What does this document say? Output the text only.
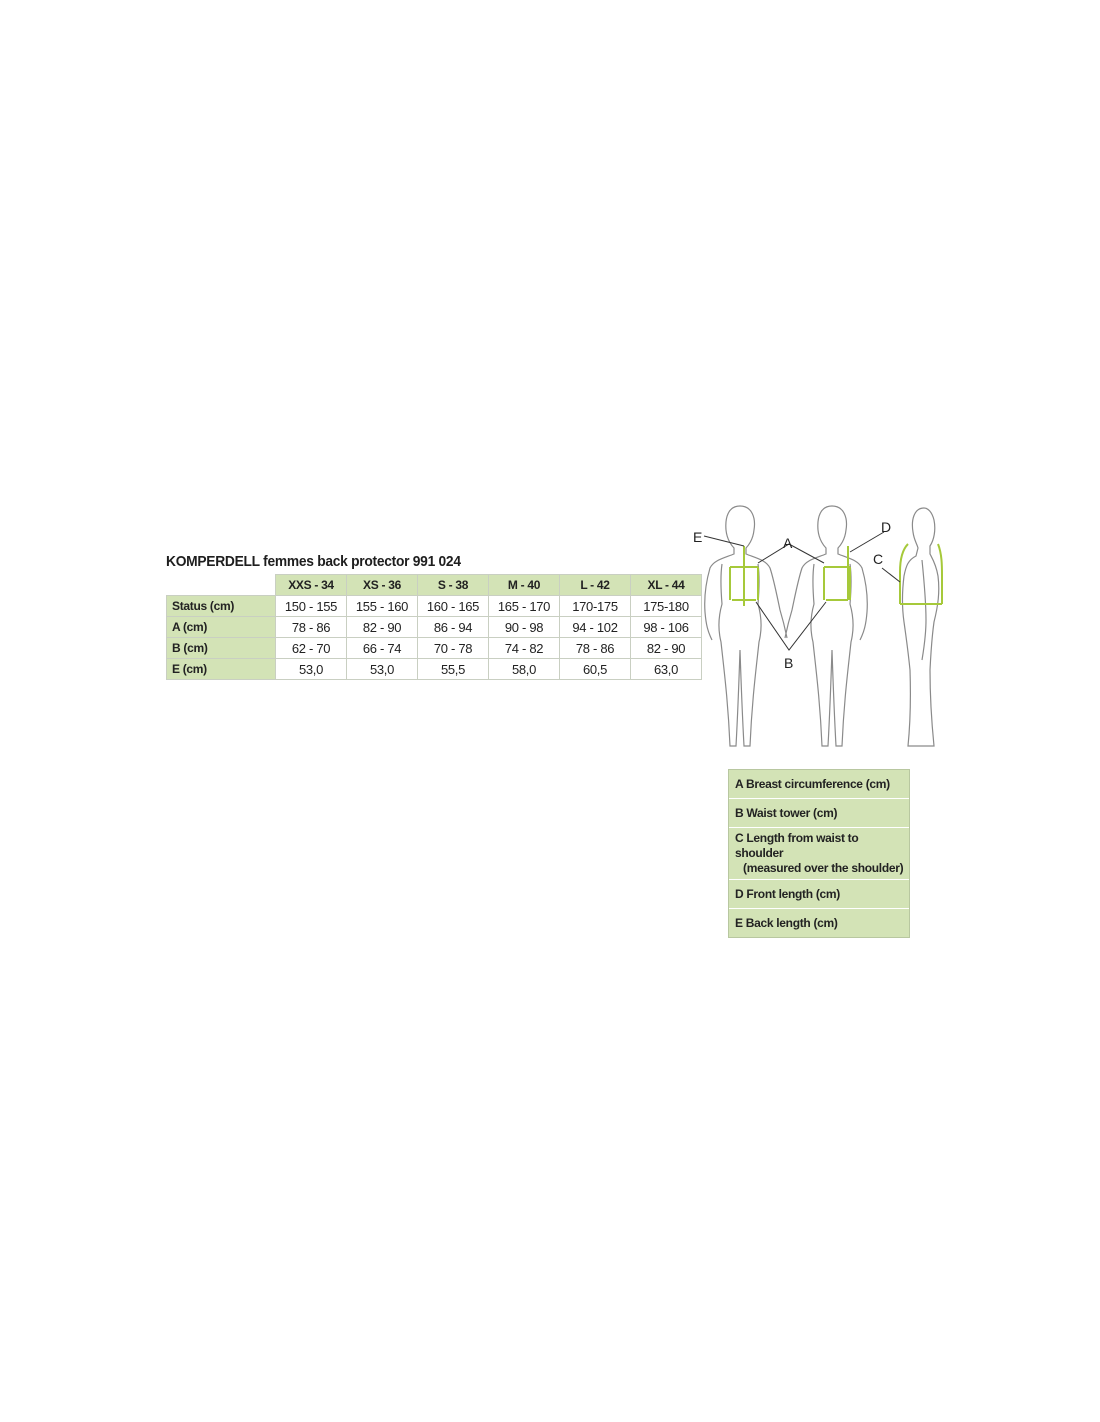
KOMPERDELL femmes back protector 991 024
	XXS - 34	XS - 36	S - 38	M - 40	L - 42	XL - 44
Status (cm)	150 - 155	155 - 160	160 - 165	165 - 170	170-175	175-180
A (cm)	78 - 86	82 - 90	86 - 94	90 - 98	94 - 102	98 - 106
B (cm)	62 - 70	66 - 74	70 - 78	74 - 82	78 - 86	82 - 90
E (cm)	53,0	53,0	55,5	58,0	60,5	63,0
E	A
B
D
C
A Breast circumference (cm)
B Waist tower (cm)
C Length from waist to shoulder
(measured over the shoulder)
D Front length (cm)
E Back length (cm)
